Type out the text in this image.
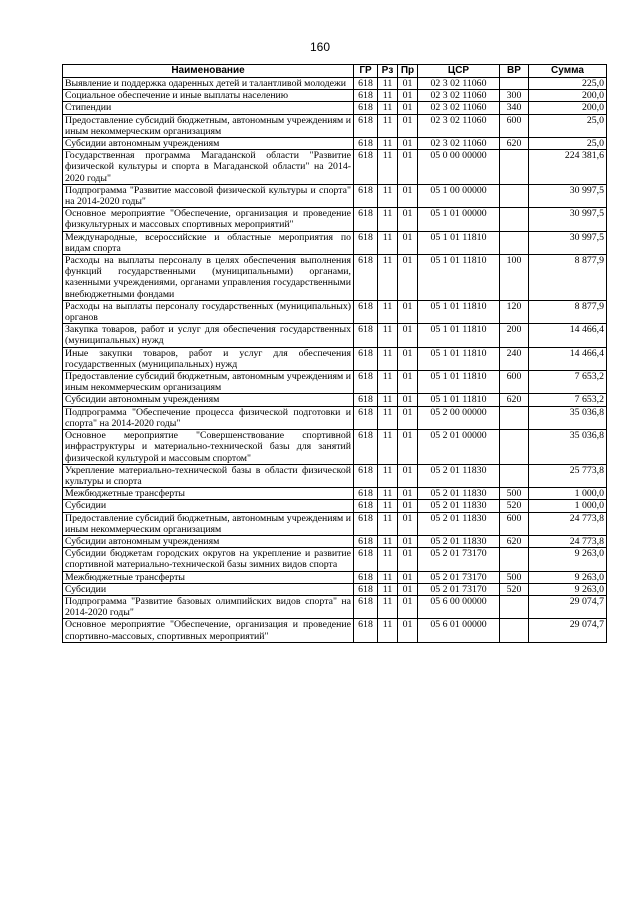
160
Наименование	ГР	Рз	Пр	ЦСР	ВР	Сумма
Выявление и поддержка одаренных детей и талантливой молодежи	618	11	01	02 3 02 11060		225,0
Социальное обеспечение и иные выплаты населению	618	11	01	02 3 02 11060	300	200,0
Стипендии	618	11	01	02 3 02 11060	340	200,0
Предоставление субсидий бюджетным, автономным учреждениям и иным некоммерческим организациям	618	11	01	02 3 02 11060	600	25,0
Субсидии автономным учреждениям	618	11	01	02 3 02 11060	620	25,0
Государственная программа Магаданской области "Развитие физической культуры и спорта в Магаданской области" на 2014-2020 годы"	618	11	01	05 0 00 00000		224 381,6
Подпрограмма "Развитие массовой физической культуры и спорта" на 2014-2020 годы"	618	11	01	05 1 00 00000		30 997,5
Основное мероприятие "Обеспечение, организация и проведение физкультурных и массовых спортивных мероприятий"	618	11	01	05 1 01 00000		30 997,5
Международные, всероссийские и областные мероприятия по видам спорта	618	11	01	05 1 01 11810		30 997,5
Расходы на выплаты персоналу в целях обеспечения выполнения функций государственными (муниципальными) органами, казенными учреждениями, органами управления государственными внебюджетными фондами	618	11	01	05 1 01 11810	100	8 877,9
Расходы на выплаты персоналу государственных (муниципальных) органов	618	11	01	05 1 01 11810	120	8 877,9
Закупка товаров, работ и услуг для обеспечения государственных (муниципальных) нужд	618	11	01	05 1 01 11810	200	14 466,4
Иные закупки товаров, работ и услуг для обеспечения государственных (муниципальных) нужд	618	11	01	05 1 01 11810	240	14 466,4
Предоставление субсидий бюджетным, автономным учреждениям и иным некоммерческим организациям	618	11	01	05 1 01 11810	600	7 653,2
Субсидии автономным учреждениям	618	11	01	05 1 01 11810	620	7 653,2
Подпрограмма "Обеспечение процесса физической подготовки и спорта" на 2014-2020 годы"	618	11	01	05 2 00 00000		35 036,8
Основное мероприятие "Совершенствование спортивной инфраструктуры и материально-технической базы для занятий физической культурой и массовым спортом"	618	11	01	05 2 01 00000		35 036,8
Укрепление материально-технической базы в области физической культуры и спорта	618	11	01	05 2 01 11830		25 773,8
Межбюджетные трансферты	618	11	01	05 2 01 11830	500	1 000,0
Субсидии	618	11	01	05 2 01 11830	520	1 000,0
Предоставление субсидий бюджетным, автономным учреждениям и иным некоммерческим организациям	618	11	01	05 2 01 11830	600	24 773,8
Субсидии автономным учреждениям	618	11	01	05 2 01 11830	620	24 773,8
Субсидии бюджетам городских округов на укрепление и развитие спортивной материально-технической базы зимних видов спорта	618	11	01	05 2 01 73170		9 263,0
Межбюджетные трансферты	618	11	01	05 2 01 73170	500	9 263,0
Субсидии	618	11	01	05 2 01 73170	520	9 263,0
Подпрограмма "Развитие базовых олимпийских видов спорта" на 2014-2020 годы"	618	11	01	05 6 00 00000		29 074,7
Основное мероприятие "Обеспечение, организация и проведение спортивно-массовых, спортивных мероприятий"	618	11	01	05 6 01 00000		29 074,7
